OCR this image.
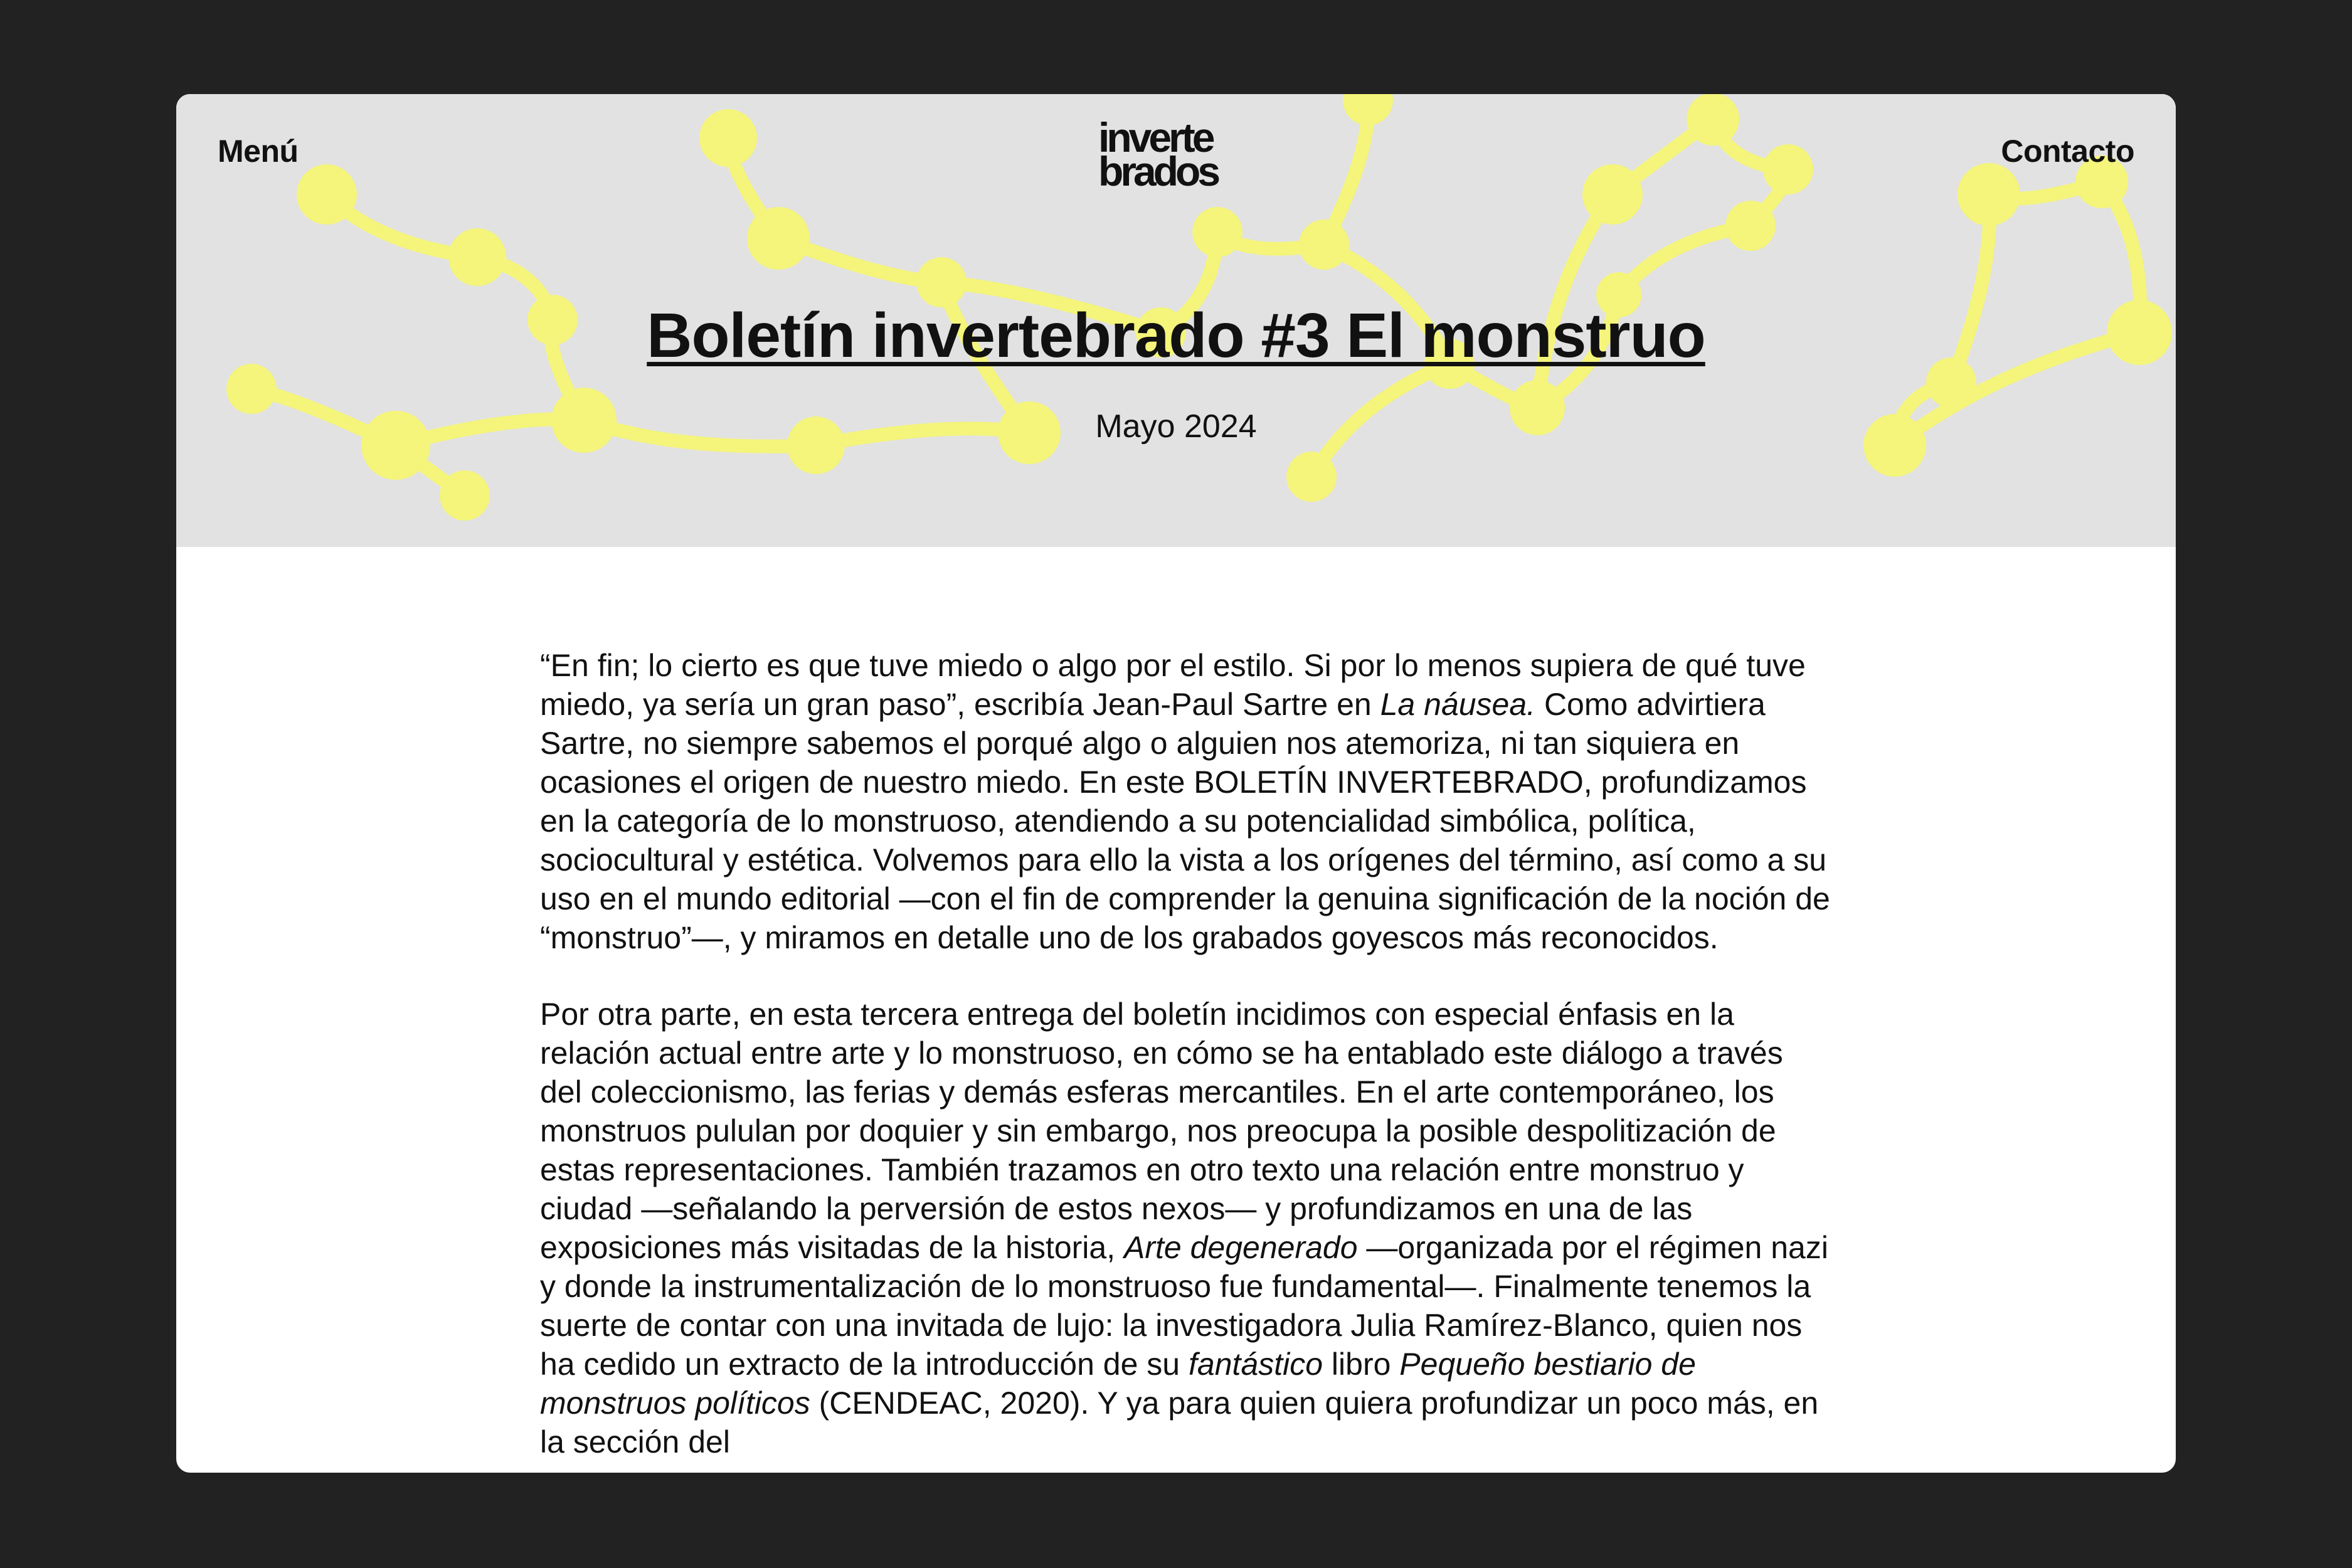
Menú	inverte
brados	Contacto
Boletín invertebrado #3 El monstruo
Mayo 2024

“En fin; lo cierto es que tuve miedo o algo por el estilo. Si por lo menos supiera de qué tuve miedo, ya sería un gran paso”, escribía Jean-Paul Sartre en La náusea. Como advirtiera Sartre, no siempre sabemos el porqué algo o alguien nos atemoriza, ni tan siquiera en ocasiones el origen de nuestro miedo. En este BOLETÍN INVERTEBRADO, profundizamos en la categoría de lo monstruoso, atendiendo a su potencialidad simbólica, política, sociocultural y estética. Volvemos para ello la vista a los orígenes del término, así como a su uso en el mundo editorial —con el fin de comprender la genuina significación de la noción de “monstruo”—, y miramos en detalle uno de los grabados goyescos más reconocidos.

Por otra parte, en esta tercera entrega del boletín incidimos con especial énfasis en la relación actual entre arte y lo monstruoso, en cómo se ha entablado este diálogo a través del coleccionismo, las ferias y demás esferas mercantiles. En el arte contemporáneo, los monstruos pululan por doquier y sin embargo, nos preocupa la posible despolitización de estas representaciones. También trazamos en otro texto una relación entre monstruo y ciudad —señalando la perversión de estos nexos— y profundizamos en una de las exposiciones más visitadas de la historia, Arte degenerado —organizada por el régimen nazi y donde la instrumentalización de lo monstruoso fue fundamental—. Finalmente tenemos la suerte de contar con una invitada de lujo: la investigadora Julia Ramírez-Blanco, quien nos ha cedido un extracto de la introducción de su fantástico libro Pequeño bestiario de monstruos políticos (CENDEAC, 2020). Y ya para quien quiera profundizar un poco más, en la sección del
